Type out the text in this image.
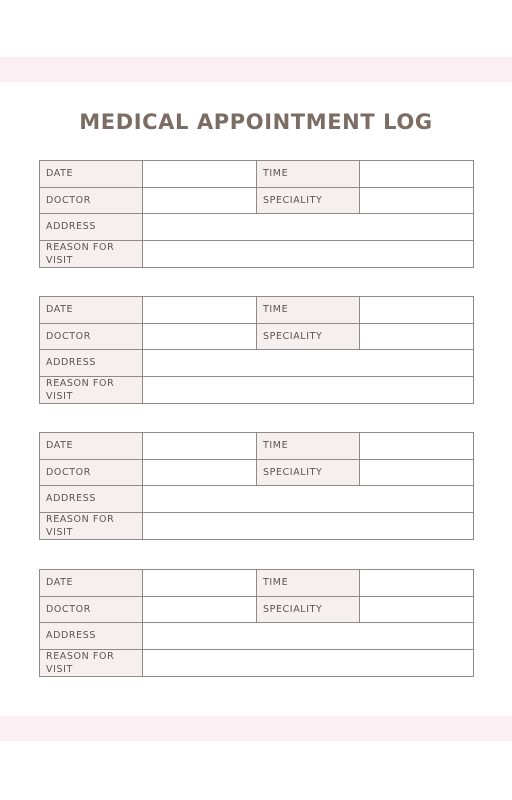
MEDICAL APPOINTMENT LOG
DATE		TIME	
DOCTOR		SPECIALITY	
ADDRESS			
REASON FOR
VISIT			
DATE		TIME	
DOCTOR		SPECIALITY	
ADDRESS			
REASON FOR
VISIT			
DATE		TIME	
DOCTOR		SPECIALITY	
ADDRESS			
REASON FOR
VISIT			
DATE		TIME	
DOCTOR		SPECIALITY	
ADDRESS			
REASON FOR
VISIT			
